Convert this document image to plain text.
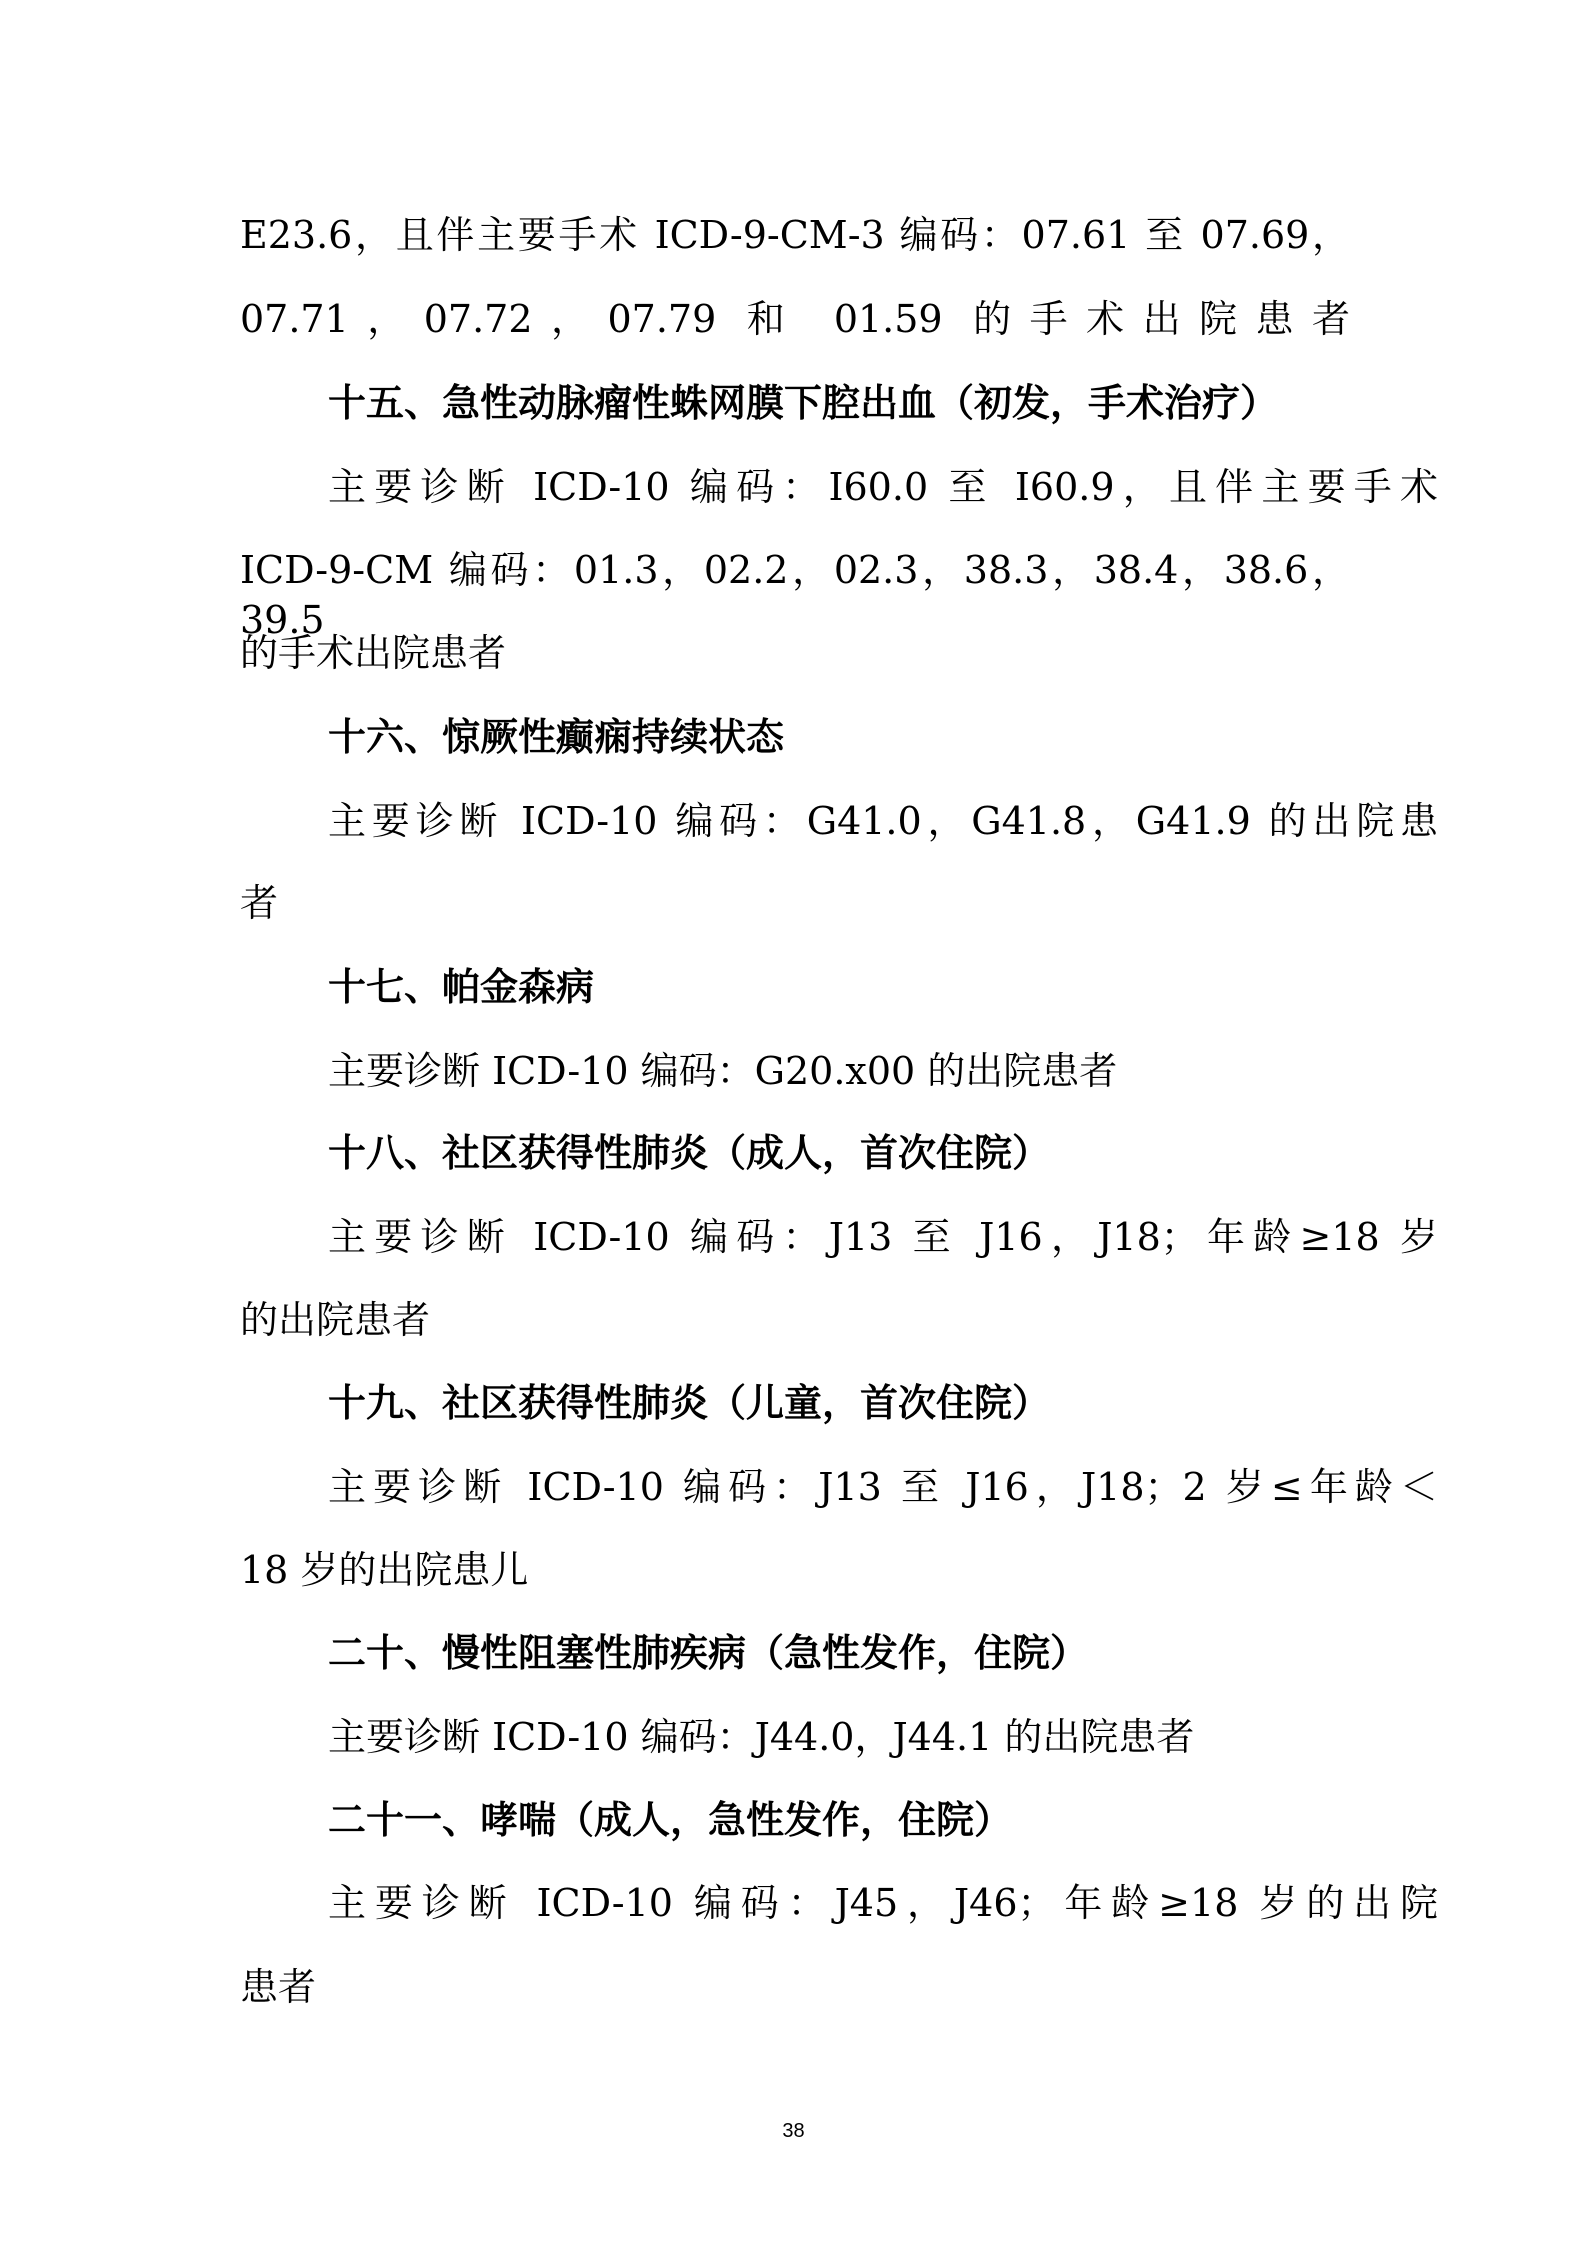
E23.6，且伴主要手术 ICD-9-CM-3 编码：07.61 至 07.69，
07.71，07.72，07.79 和 01.59 的手术出院患者
十五、急性动脉瘤性蛛网膜下腔出血（初发，手术治疗）
主要诊断 ICD-10 编码：I60.0 至 I60.9，且伴主要手术
ICD-9-CM 编码：01.3，02.2，02.3，38.3，38.4，38.6，39.5
的手术出院患者
十六、惊厥性癫痫持续状态
主要诊断 ICD-10 编码：G41.0，G41.8，G41.9 的出院患
者
十七、帕金森病
主要诊断 ICD-10 编码：G20.x00 的出院患者
十八、社区获得性肺炎（成人，首次住院）
主要诊断 ICD-10 编码：J13 至 J16，J18；年龄≥18 岁
的出院患者
十九、社区获得性肺炎（儿童，首次住院）
主要诊断 ICD-10 编码：J13 至 J16，J18；2 岁≤年龄＜
18 岁的出院患儿
二十、慢性阻塞性肺疾病（急性发作，住院）
主要诊断 ICD-10 编码：J44.0，J44.1 的出院患者
二十一、哮喘（成人，急性发作，住院）
主要诊断 ICD-10 编码：J45，J46；年龄≥18 岁的出院
患者
38
